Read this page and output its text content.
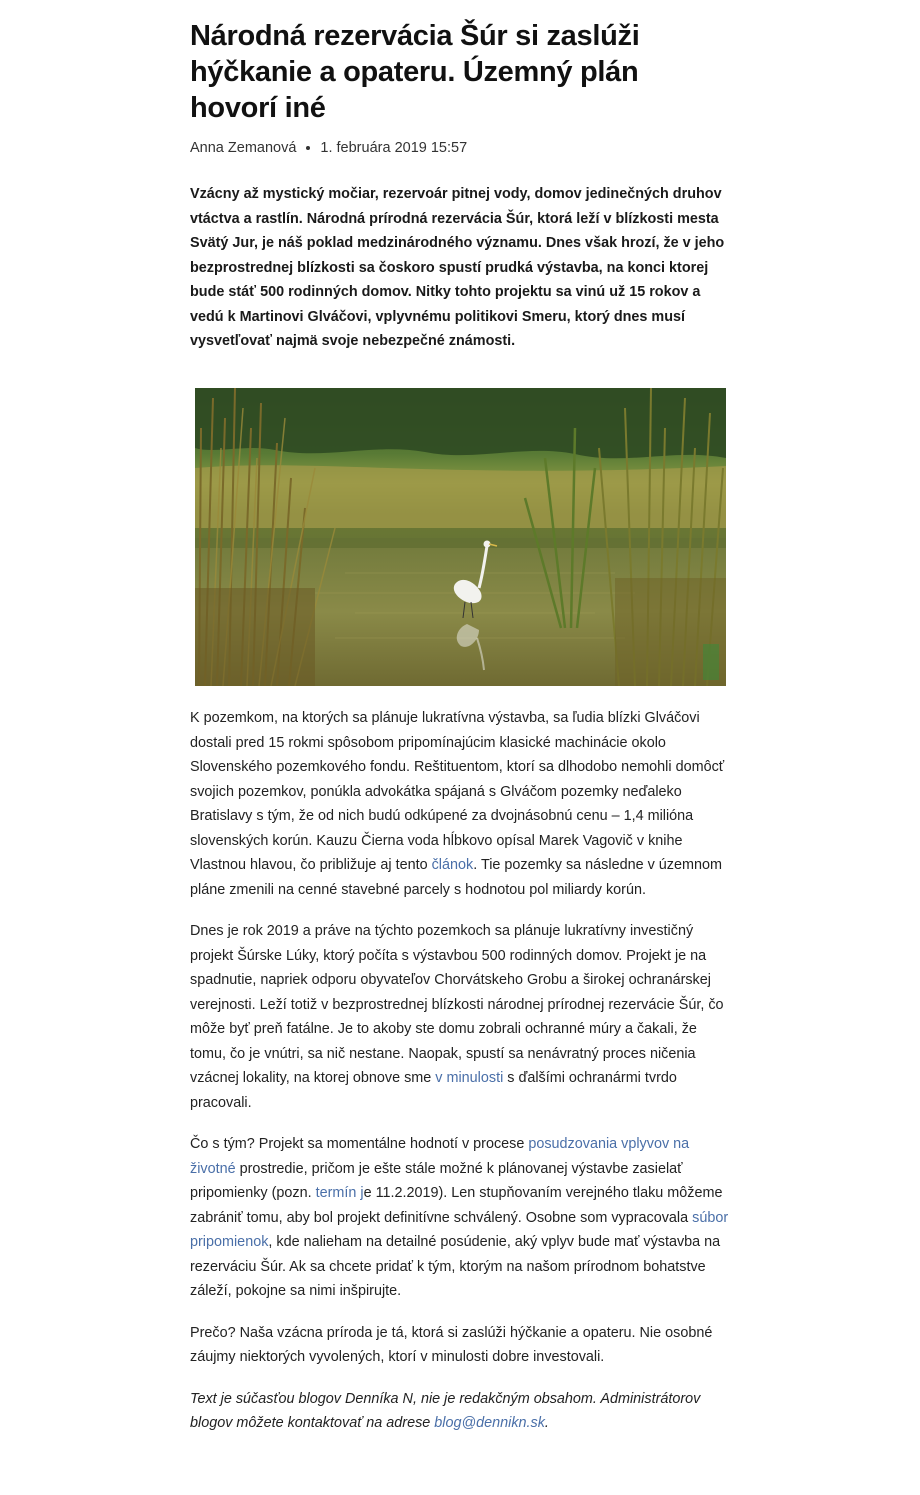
Národná rezervácia Šúr si zaslúži hýčkanie a opateru. Územný plán hovorí iné
Anna Zemanová 1. februára 2019 15:57
Vzácny až mystický močiar, rezervoár pitnej vody, domov jedinečných druhov vtáctva a rastlín. Národná prírodná rezervácia Šúr, ktorá leží v blízkosti mesta Svätý Jur, je náš poklad medzinárodného významu. Dnes však hrozí, že v jeho bezprostrednej blízkosti sa čoskoro spustí prudká výstavba, na konci ktorej bude stáť 500 rodinných domov. Nitky tohto projektu sa vinú už 15 rokov a vedú k Martinovi Glváčovi, vplyvnému politikovi Smeru, ktorý dnes musí vysvetľovať najmä svoje nebezpečné známosti.

K pozemkom, na ktorých sa plánuje lukratívna výstavba, sa ľudia blízki Glváčovi dostali pred 15 rokmi spôsobom pripomínajúcim klasické machinácie okolo Slovenského pozemkového fondu. Reštituentom, ktorí sa dlhodobo nemohli domôcť svojich pozemkov, ponúkla advokátka spájaná s Glváčom pozemky neďaleko Bratislavy s tým, že od nich budú odkúpené za dvojnásobnú cenu – 1,4 milióna slovenských korún. Kauzu Čierna voda hĺbkovo opísal Marek Vagovič v knihe Vlastnou hlavou, čo približuje aj tento článok. Tie pozemky sa následne v územnom pláne zmenili na cenné stavebné parcely s hodnotou pol miliardy korún.

Dnes je rok 2019 a práve na týchto pozemkoch sa plánuje lukratívny investičný projekt Šúrske Lúky, ktorý počíta s výstavbou 500 rodinných domov. Projekt je na spadnutie, napriek odporu obyvateľov Chorvátskeho Grobu a širokej ochranárskej verejnosti. Leží totiž v bezprostrednej blízkosti národnej prírodnej rezervácie Šúr, čo môže byť preň fatálne. Je to akoby ste domu zobrali ochranné múry a čakali, že tomu, čo je vnútri, sa nič nestane. Naopak, spustí sa nenávratný proces ničenia vzácnej lokality, na ktorej obnove sme v minulosti s ďalšími ochranármi tvrdo pracovali.

Čo s tým? Projekt sa momentálne hodnotí v procese posudzovania vplyvov na životné prostredie, pričom je ešte stále možné k plánovanej výstavbe zasielať pripomienky (pozn. termín je 11.2.2019). Len stupňovaním verejného tlaku môžeme zabrániť tomu, aby bol projekt definitívne schválený. Osobne som vypracovala súbor pripomienok, kde nalieham na detailné posúdenie, aký vplyv bude mať výstavba na rezerváciu Šúr. Ak sa chcete pridať k tým, ktorým na našom prírodnom bohatstve záleží, pokojne sa nimi inšpirujte.

Prečo? Naša vzácna príroda je tá, ktorá si zaslúži hýčkanie a opateru. Nie osobné záujmy niektorých vyvolených, ktorí v minulosti dobre investovali.

Text je súčasťou blogov Denníka N, nie je redakčným obsahom. Administrátorov blogov môžete kontaktovať na adrese blog@dennikn.sk.
